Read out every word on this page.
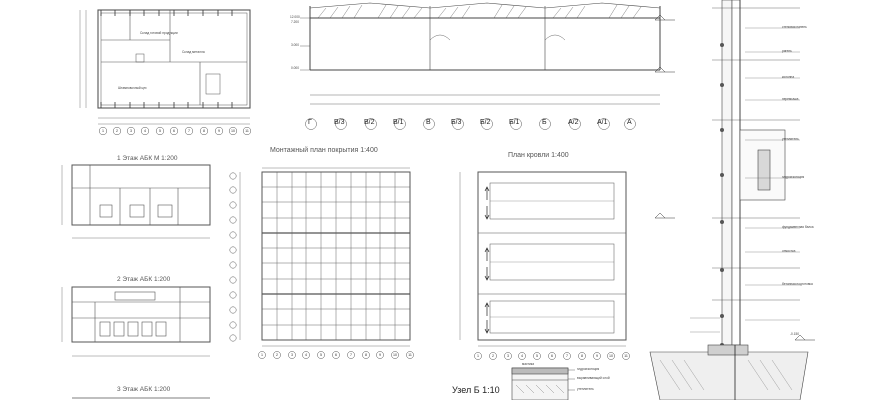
Склад готовой продукции
Склад металла
Штамповочный цех
Г	В/3	В/2	В/1	В	Б/3	Б/2	Б/1	Б	А/2	А/1	А
12.000
7.200
3.000
0.000
-0.150
1 Этаж АБК М 1:200
2 Этаж АБК 1:200
3 Этаж АБК 1:200
Монтажный план покрытия 1:400
План кровли 1:400
Узел Б 1:10
мастика
гидроизоляция
выравнивающий слой
утеплитель
стеновая панель
ригель
колонна
перемычка
утеплитель
гидроизоляция
фундаментная балка
отмостка
бетонная подготовка
1	2	3	4	5	6	7	8	9	10	11
1	2	3	4	5	6	7	8	9	10	11	1	2	3	4	5	6	7	8	9	10	11
